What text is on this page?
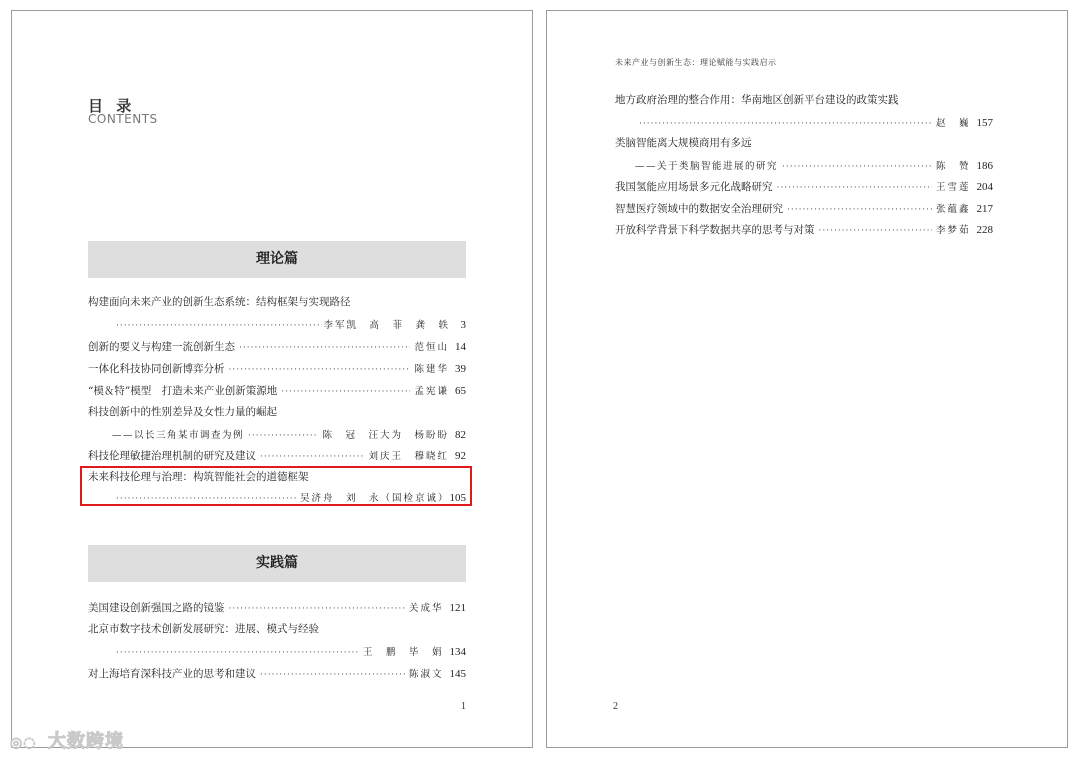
目 录
CONTENTS
理论篇
构建面向未来产业的创新生态系统：结构框架与实现路径
·····
李军凯　高　菲　龚　轶 3
创新的要义与构建一流创新生态 ·····	范恒山 14
一体化科技协同创新博弈分析 ·····	陈建华 39
“模＆特”模型　打造未来产业创新策源地 ·····	孟宪谦 65
科技创新中的性别差异及女性力量的崛起
——以长三角某市调查为例 ·····	陈　冠　汪大为　杨盼盼 82
科技伦理敏捷治理机制的研究及建议 ·····	刘庆王　穆晓红 92
未来科技伦理与治理：构筑智能社会的道德框架
·····
吴济舟　刘　永（国检京诚） 105
实践篇
美国建设创新强国之路的镜鉴 ·····	关成华 121
北京市数字技术创新发展研究：进展、模式与经验
·····
王　鹏　毕　娟 134
对上海培育深科技产业的思考和建议 ·····	陈淑文 145
1
未来产业与创新生态：理论赋能与实践启示
地方政府治理的整合作用：华南地区创新平台建设的政策实践
·····
赵　巍 157
类脑智能离大规模商用有多远
——关于类脑智能进展的研究 ·····	陈　赞 186
我国氢能应用场景多元化战略研究 ·····	王雪莲 204
智慧医疗领域中的数据安全治理研究 ·····	张蕴鑫 217
开放科学背景下科学数据共享的思考与对策 ·····	李梦茹 228
2
◎◌ 大数跨境
